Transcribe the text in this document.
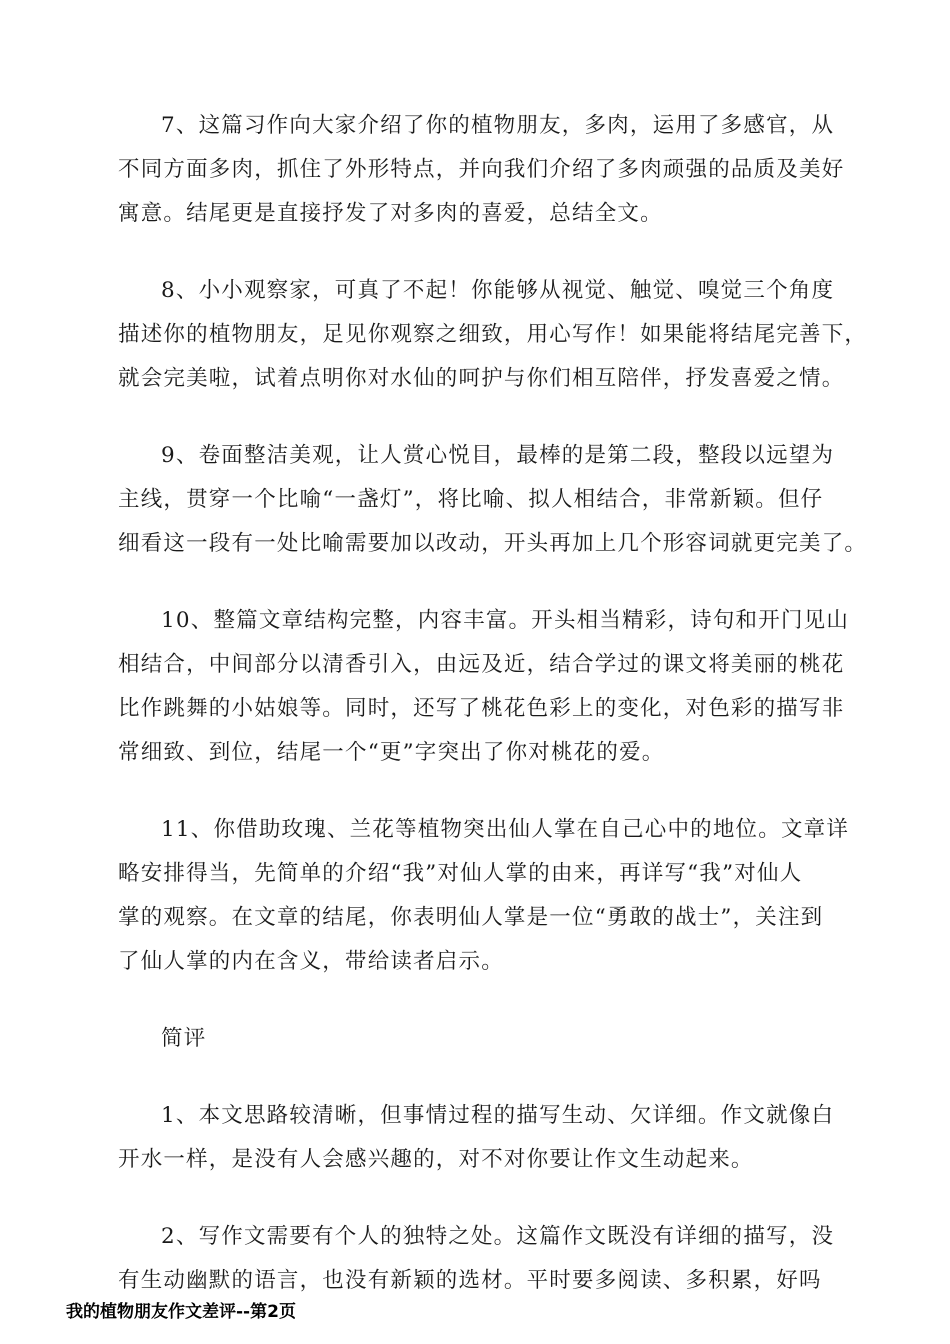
7、这篇习作向大家介绍了你的植物朋友，多肉，运用了多感官，从
不同方面多肉，抓住了外形特点，并向我们介绍了多肉顽强的品质及美好
寓意。结尾更是直接抒发了对多肉的喜爱，总结全文。
8、小小观察家，可真了不起！你能够从视觉、触觉、嗅觉三个角度
描述你的植物朋友，足见你观察之细致，用心写作！如果能将结尾完善下，
就会完美啦，试着点明你对水仙的呵护与你们相互陪伴，抒发喜爱之情。
9、卷面整洁美观，让人赏心悦目，最棒的是第二段，整段以远望为
主线，贯穿一个比喻“一盏灯”，将比喻、拟人相结合，非常新颖。但仔
细看这一段有一处比喻需要加以改动，开头再加上几个形容词就更完美了。
10、整篇文章结构完整，内容丰富。开头相当精彩，诗句和开门见山
相结合，中间部分以清香引入，由远及近，结合学过的课文将美丽的桃花
比作跳舞的小姑娘等。同时，还写了桃花色彩上的变化，对色彩的描写非
常细致、到位，结尾一个“更”字突出了你对桃花的爱。
11、你借助玫瑰、兰花等植物突出仙人掌在自己心中的地位。文章详
略安排得当，先简单的介绍“我”对仙人掌的由来，再详写“我”对仙人
掌的观察。在文章的结尾，你表明仙人掌是一位“勇敢的战士”，关注到
了仙人掌的内在含义，带给读者启示。
简评
1、本文思路较清晰，但事情过程的描写生动、欠详细。作文就像白
开水一样，是没有人会感兴趣的，对不对你要让作文生动起来。
2、写作文需要有个人的独特之处。这篇作文既没有详细的描写，没
有生动幽默的语言，也没有新颖的选材。平时要多阅读、多积累，好吗
我的植物朋友作文差评--第2页
